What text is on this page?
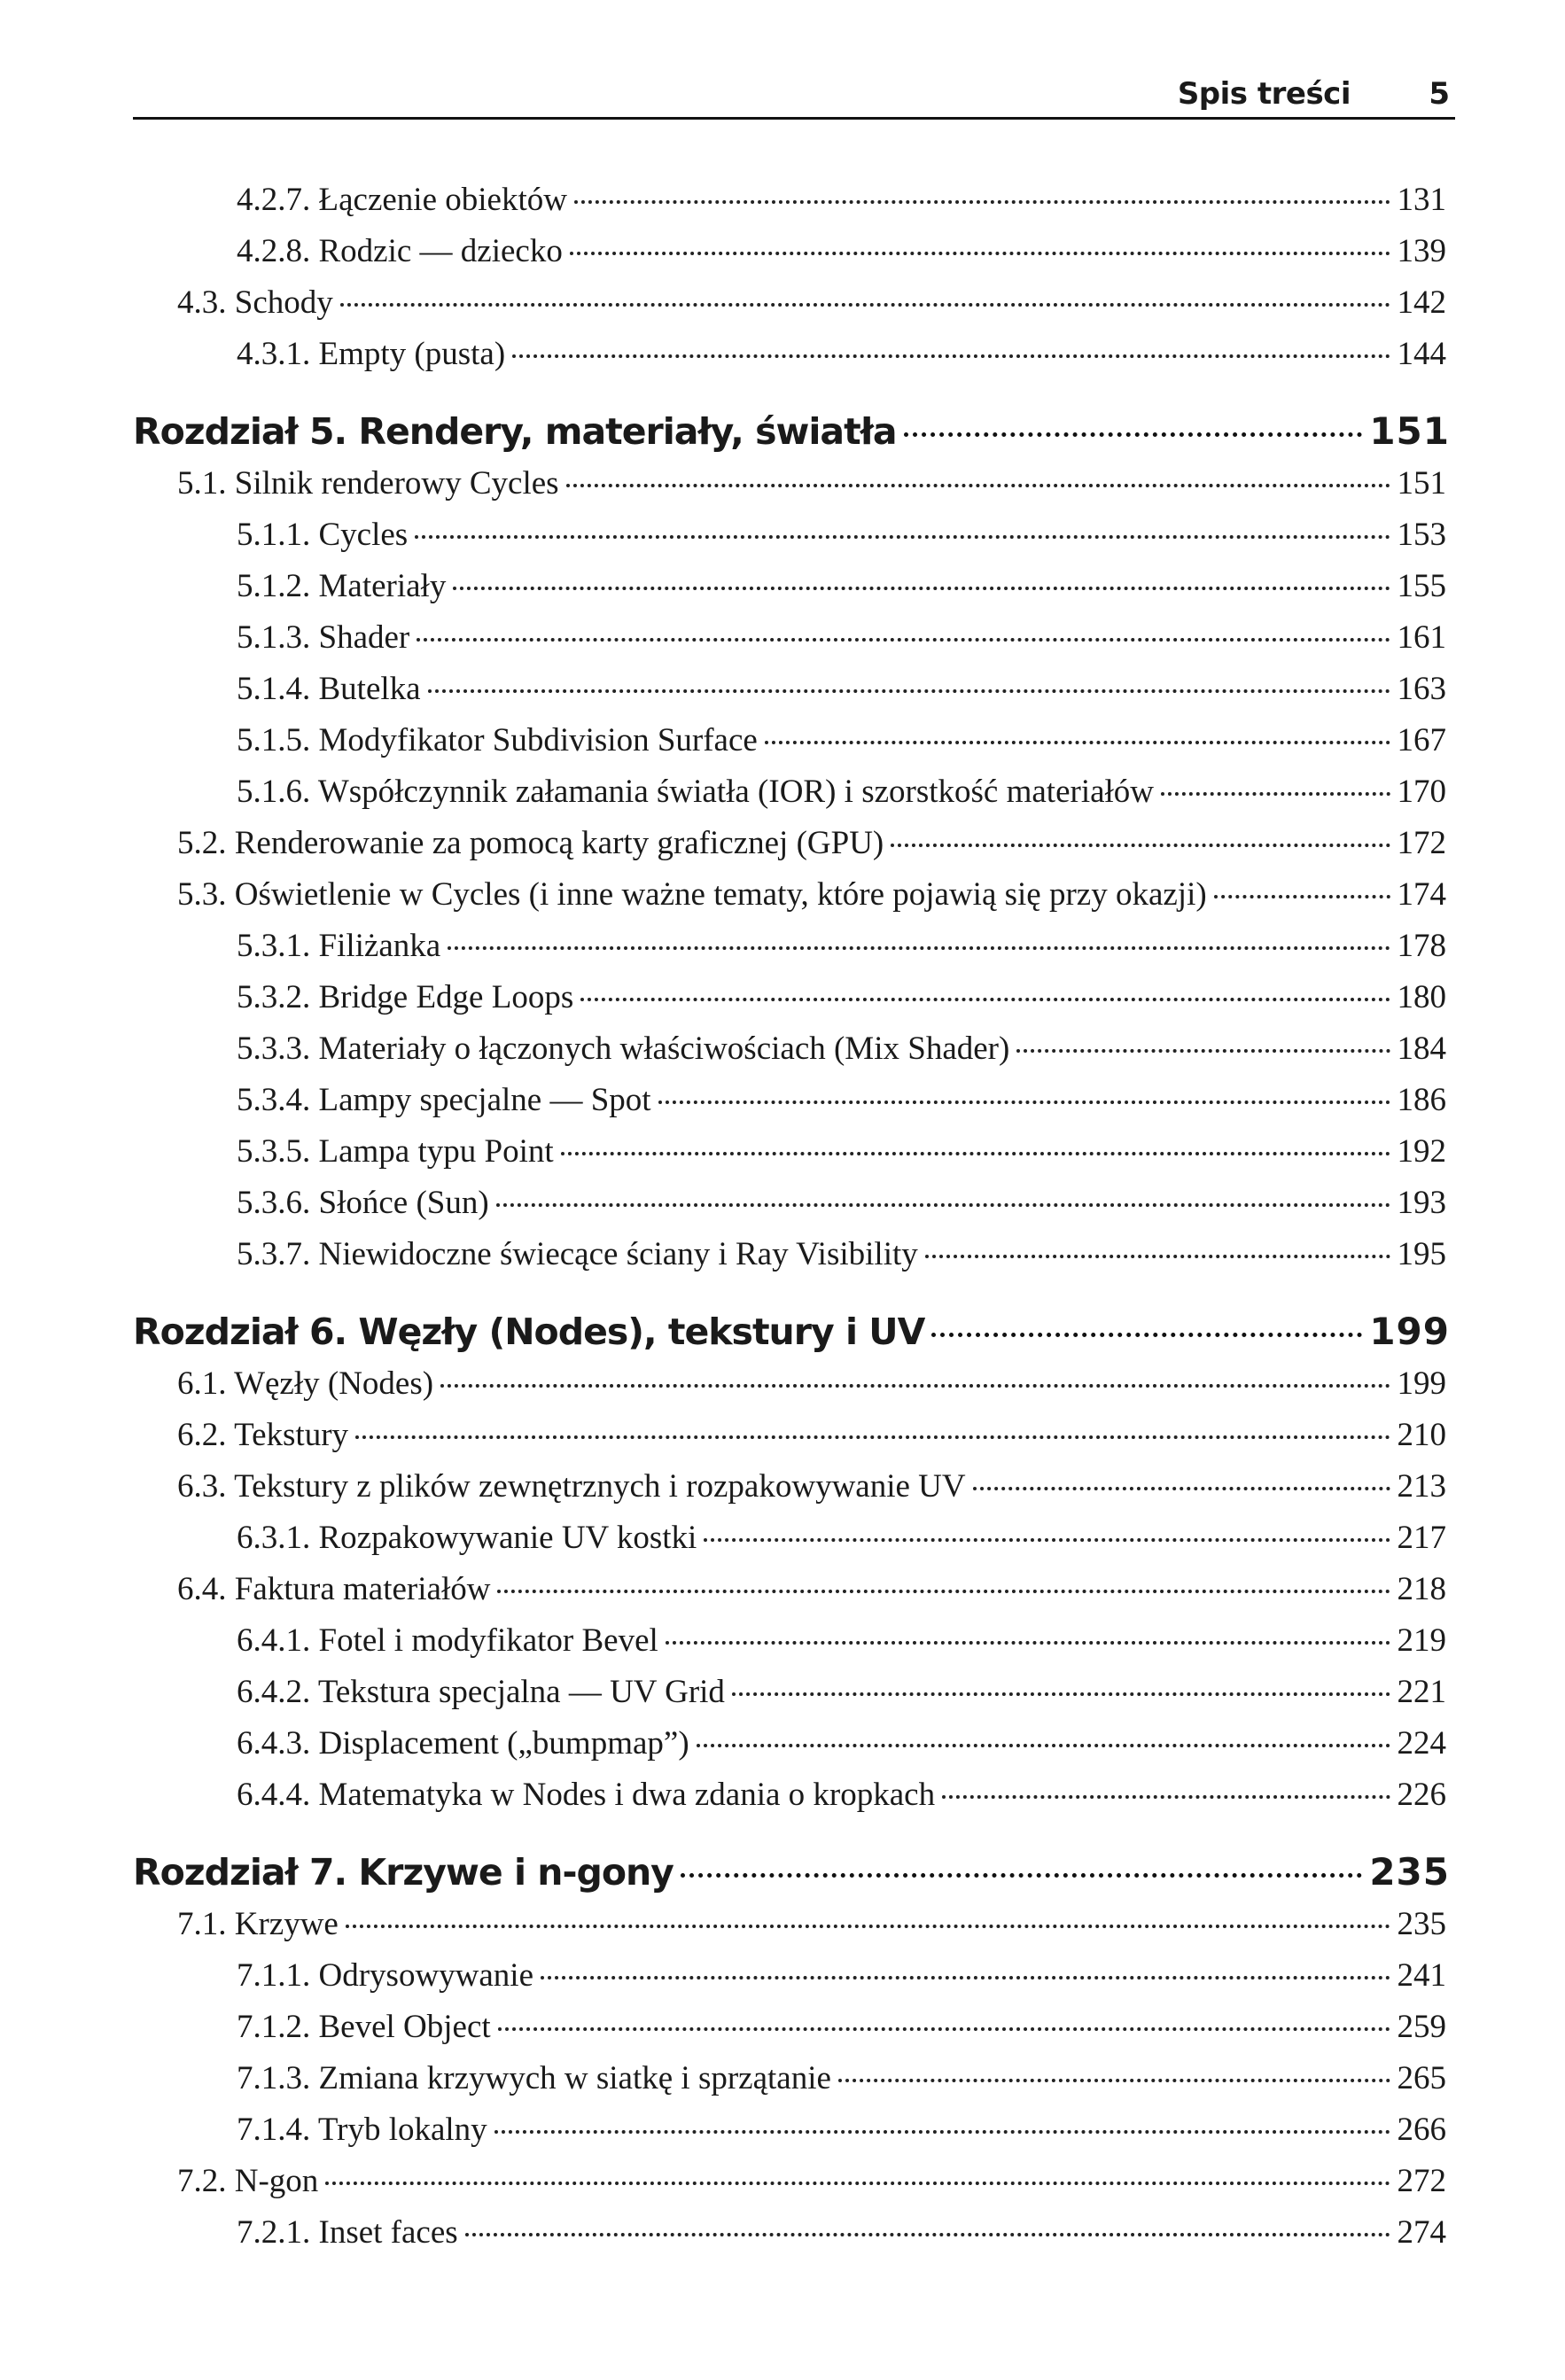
Spis treści	5
4.2.7. Łączenie obiektów	131
4.2.8. Rodzic — dziecko	139
4.3. Schody	142
4.3.1. Empty (pusta)	144
Rozdział 5. Rendery, materiały, światła	151
5.1. Silnik renderowy Cycles	151
5.1.1. Cycles	153
5.1.2. Materiały	155
5.1.3. Shader	161
5.1.4. Butelka	163
5.1.5. Modyfikator Subdivision Surface	167
5.1.6. Współczynnik załamania światła (IOR) i szorstkość materiałów	170
5.2. Renderowanie za pomocą karty graficznej (GPU)	172
5.3. Oświetlenie w Cycles (i inne ważne tematy, które pojawią się przy okazji)	174
5.3.1. Filiżanka	178
5.3.2. Bridge Edge Loops	180
5.3.3. Materiały o łączonych właściwościach (Mix Shader)	184
5.3.4. Lampy specjalne — Spot	186
5.3.5. Lampa typu Point	192
5.3.6. Słońce (Sun)	193
5.3.7. Niewidoczne świecące ściany i Ray Visibility	195
Rozdział 6. Węzły (Nodes), tekstury i UV	199
6.1. Węzły (Nodes)	199
6.2. Tekstury	210
6.3. Tekstury z plików zewnętrznych i rozpakowywanie UV	213
6.3.1. Rozpakowywanie UV kostki	217
6.4. Faktura materiałów	218
6.4.1. Fotel i modyfikator Bevel	219
6.4.2. Tekstura specjalna — UV Grid	221
6.4.3. Displacement („bumpmap”)	224
6.4.4. Matematyka w Nodes i dwa zdania o kropkach	226
Rozdział 7. Krzywe i n-gony	235
7.1. Krzywe	235
7.1.1. Odrysowywanie	241
7.1.2. Bevel Object	259
7.1.3. Zmiana krzywych w siatkę i sprzątanie	265
7.1.4. Tryb lokalny	266
7.2. N-gon	272
7.2.1. Inset faces	274
